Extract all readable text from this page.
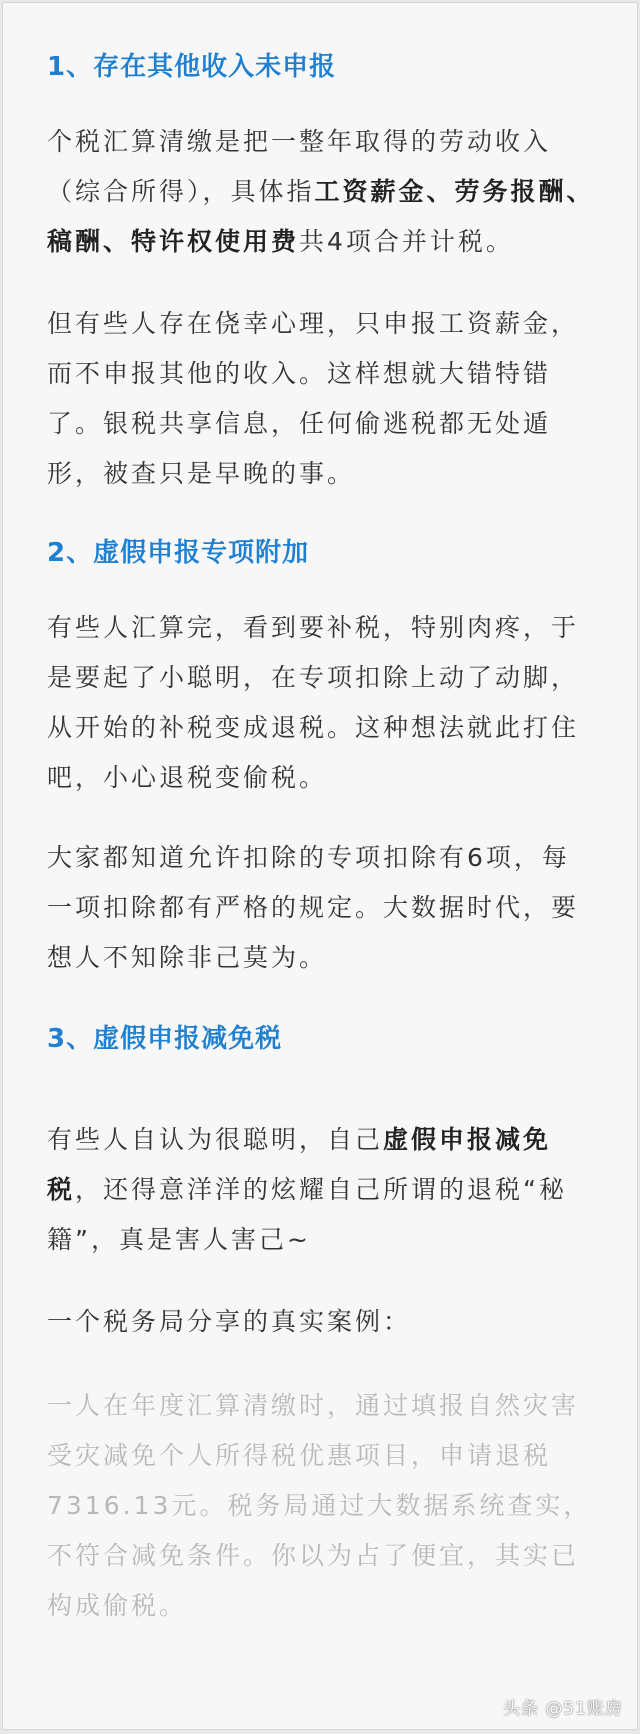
1、存在其他收入未申报

个税汇算清缴是把一整年取得的劳动收入（综合所得），具体指工资薪金、劳务报酬、稿酬、特许权使用费共4项合并计税。

但有些人存在侥幸心理，只申报工资薪金，而不申报其他的收入。这样想就大错特错了。银税共享信息，任何偷逃税都无处遁形，被查只是早晚的事。

2、虚假申报专项附加

有些人汇算完，看到要补税，特别肉疼，于是要起了小聪明，在专项扣除上动了动脚，从开始的补税变成退税。这种想法就此打住吧，小心退税变偷税。

大家都知道允许扣除的专项扣除有6项，每一项扣除都有严格的规定。大数据时代，要想人不知除非己莫为。

3、虚假申报减免税

有些人自认为很聪明，自己虚假申报减免税，还得意洋洋的炫耀自己所谓的退税“秘籍”，真是害人害己~

一个税务局分享的真实案例：

一人在年度汇算清缴时，通过填报自然灾害受灾减免个人所得税优惠项目，申请退税7316.13元。税务局通过大数据系统查实，不符合减免条件。你以为占了便宜，其实已构成偷税。

头条 @51账房
